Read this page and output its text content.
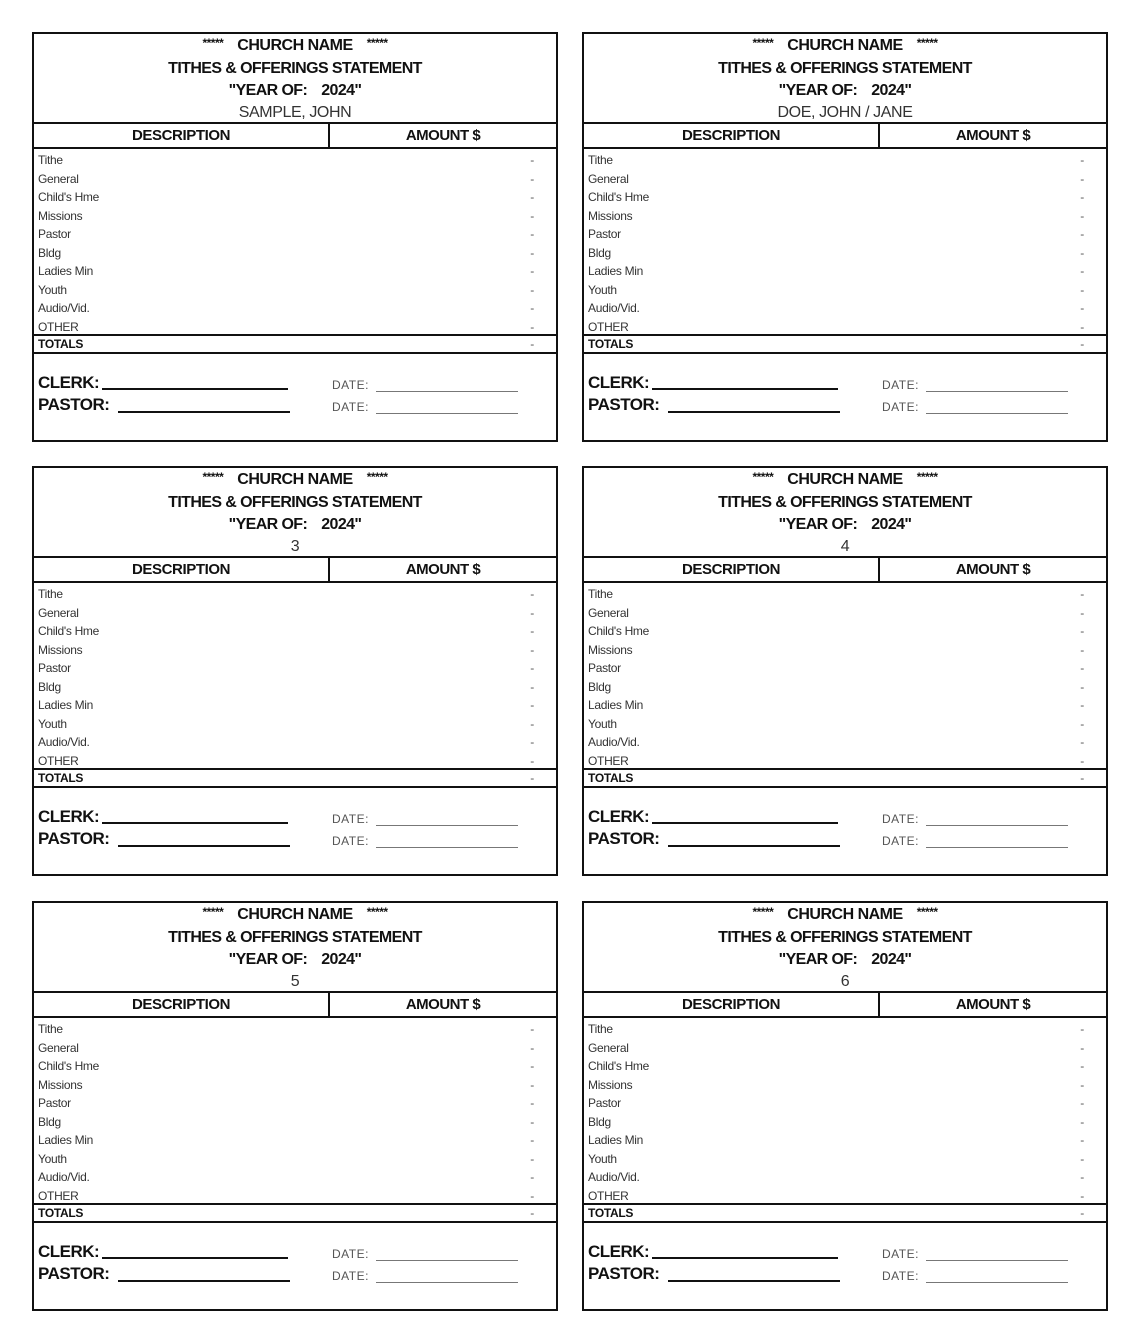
***** CHURCH NAME *****
TITHES & OFFERINGS STATEMENT
"YEAR OF: 2024"
SAMPLE, JOHN
DESCRIPTION	AMOUNT $
Tithe	-
General	-
Child's Hme	-
Missions	-
Pastor	-
Bldg	-
Ladies Min	-
Youth	-
Audio/Vid.	-
OTHER	-
TOTALS	-
CLERK:
PASTOR:
DATE:
DATE:
***** CHURCH NAME *****
TITHES & OFFERINGS STATEMENT
"YEAR OF: 2024"
DOE, JOHN / JANE
DESCRIPTION	AMOUNT $
Tithe	-
General	-
Child's Hme	-
Missions	-
Pastor	-
Bldg	-
Ladies Min	-
Youth	-
Audio/Vid.	-
OTHER	-
TOTALS	-
CLERK:
PASTOR:
DATE:
DATE:
***** CHURCH NAME *****
TITHES & OFFERINGS STATEMENT
"YEAR OF: 2024"
3
DESCRIPTION	AMOUNT $
Tithe	-
General	-
Child's Hme	-
Missions	-
Pastor	-
Bldg	-
Ladies Min	-
Youth	-
Audio/Vid.	-
OTHER	-
TOTALS	-
CLERK:
PASTOR:
DATE:
DATE:
***** CHURCH NAME *****
TITHES & OFFERINGS STATEMENT
"YEAR OF: 2024"
4
DESCRIPTION	AMOUNT $
Tithe	-
General	-
Child's Hme	-
Missions	-
Pastor	-
Bldg	-
Ladies Min	-
Youth	-
Audio/Vid.	-
OTHER	-
TOTALS	-
CLERK:
PASTOR:
DATE:
DATE:
***** CHURCH NAME *****
TITHES & OFFERINGS STATEMENT
"YEAR OF: 2024"
5
DESCRIPTION	AMOUNT $
Tithe	-
General	-
Child's Hme	-
Missions	-
Pastor	-
Bldg	-
Ladies Min	-
Youth	-
Audio/Vid.	-
OTHER	-
TOTALS	-
CLERK:
PASTOR:
DATE:
DATE:
***** CHURCH NAME *****
TITHES & OFFERINGS STATEMENT
"YEAR OF: 2024"
6
DESCRIPTION	AMOUNT $
Tithe	-
General	-
Child's Hme	-
Missions	-
Pastor	-
Bldg	-
Ladies Min	-
Youth	-
Audio/Vid.	-
OTHER	-
TOTALS	-
CLERK:
PASTOR:
DATE:
DATE:
